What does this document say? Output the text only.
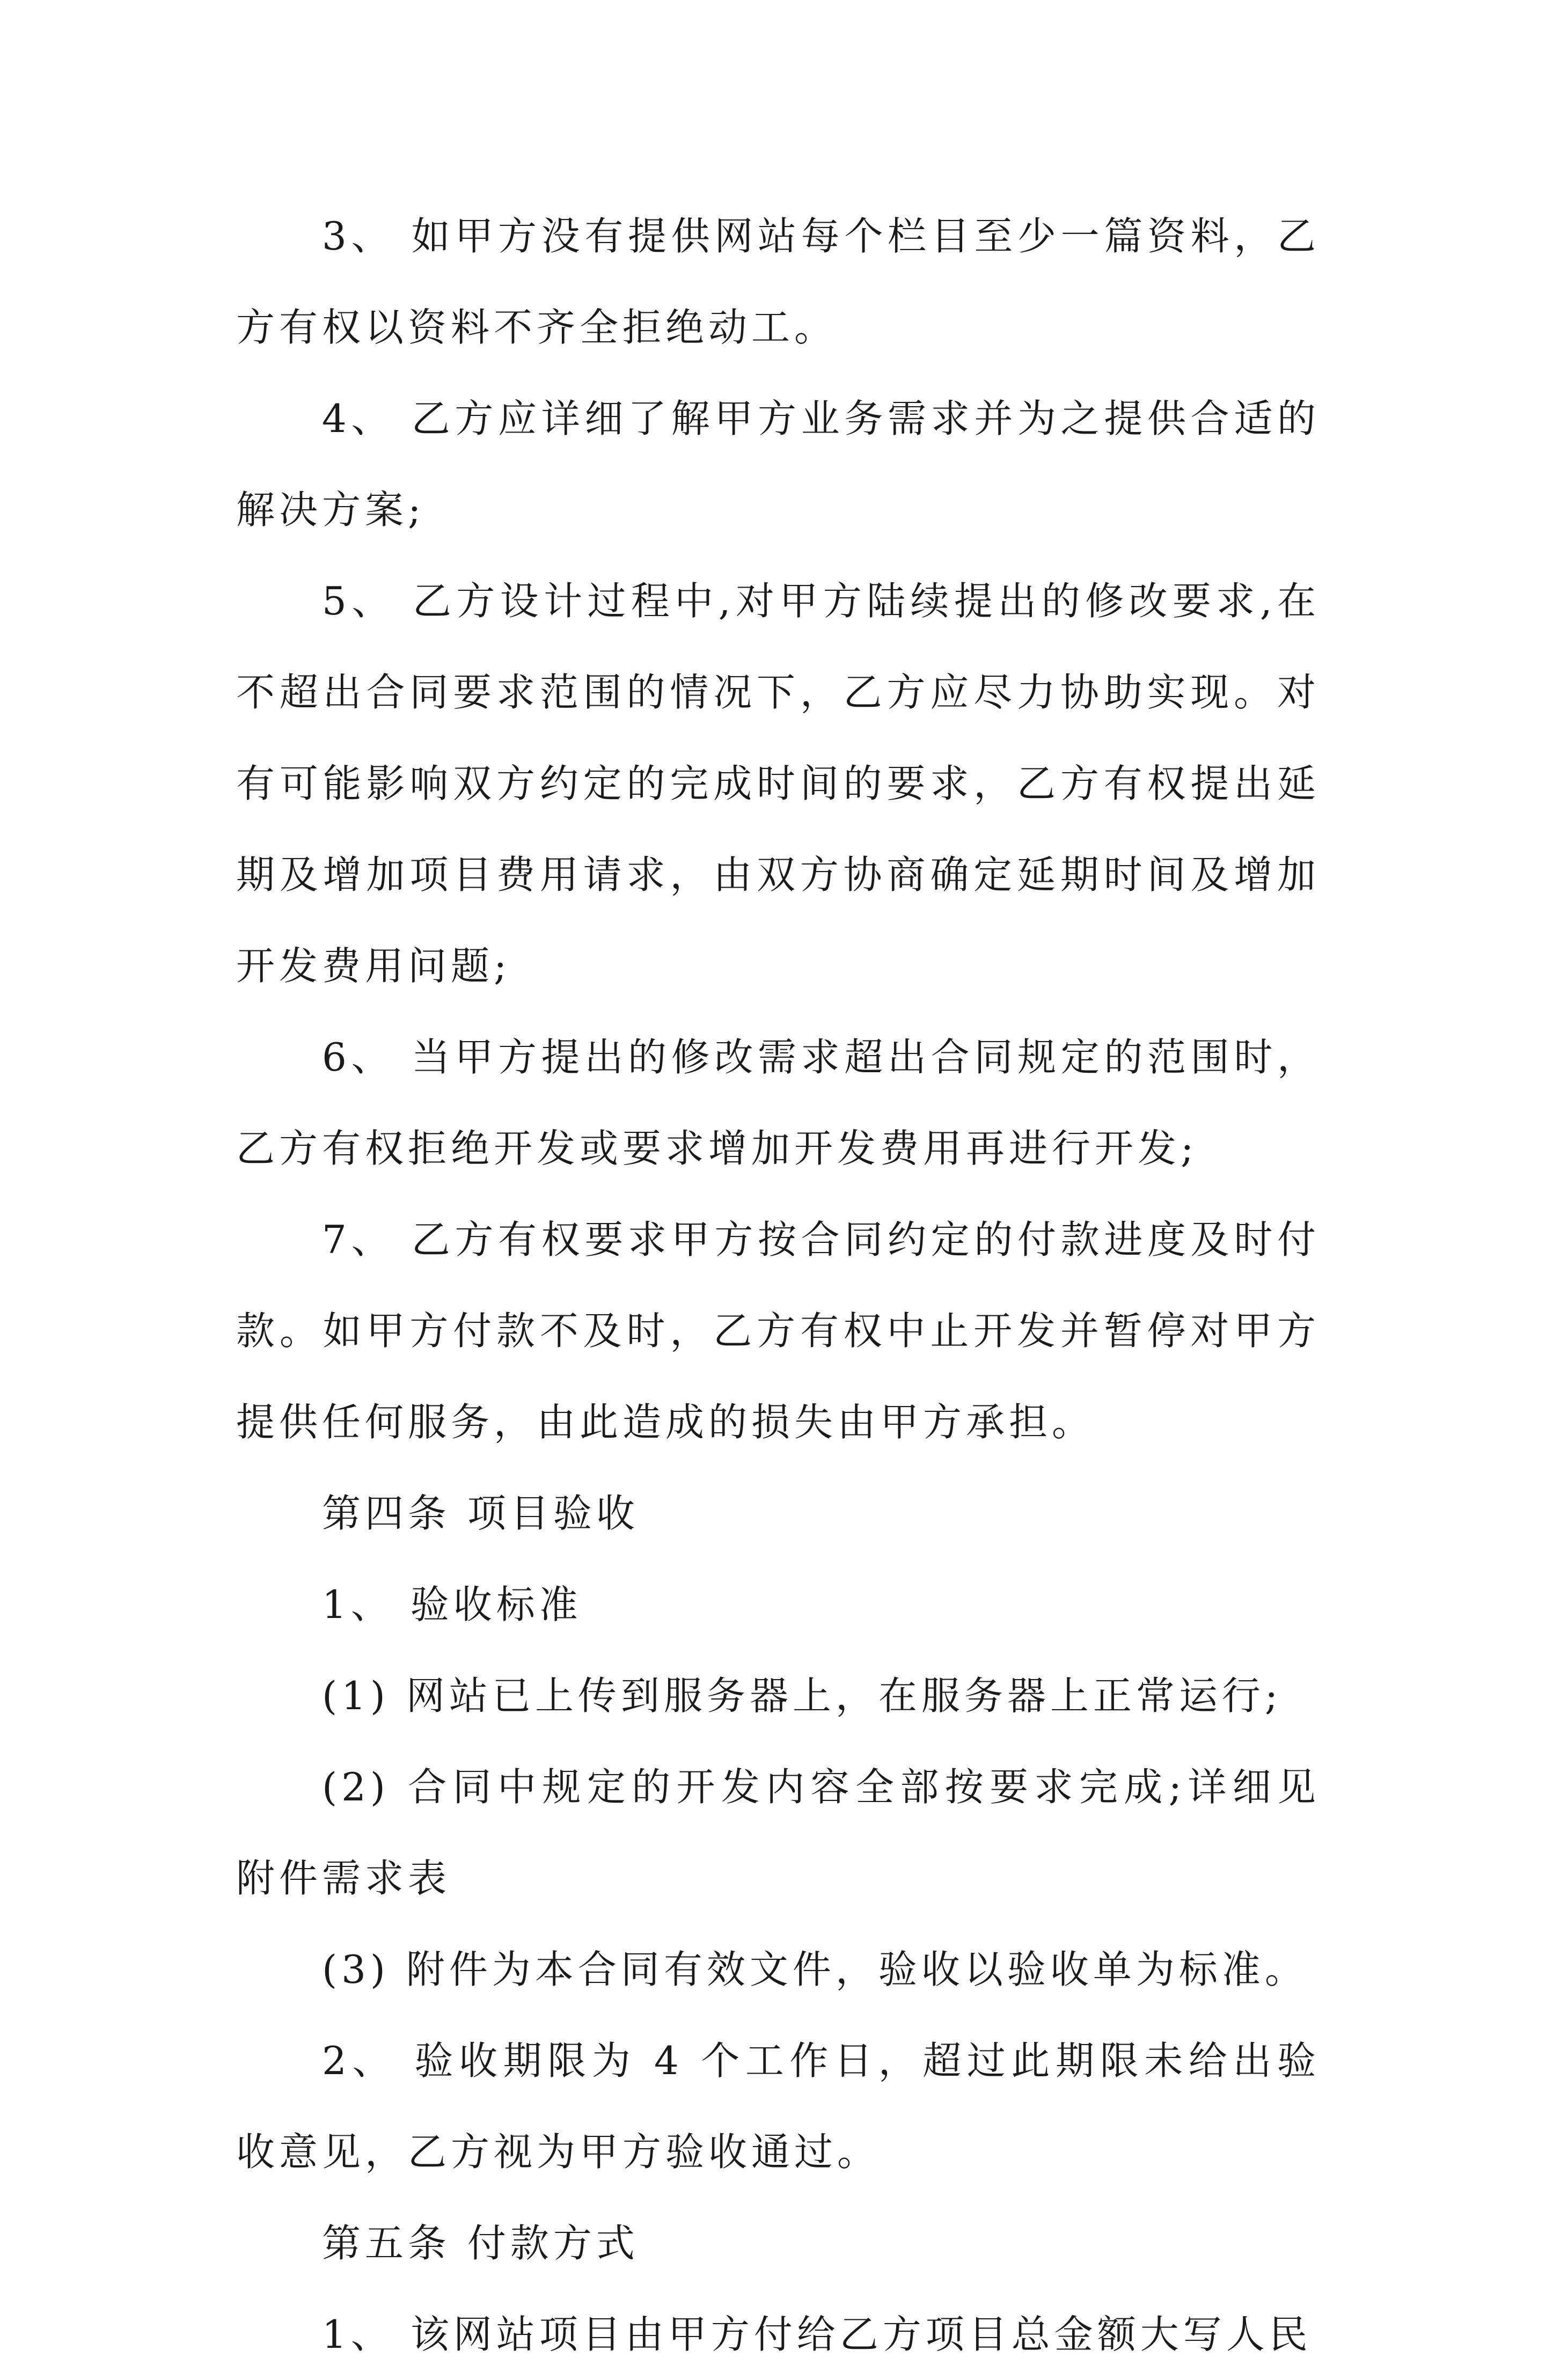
3、 如甲方没有提供网站每个栏目至少一篇资料，乙方有权以资料不齐全拒绝动工。

4、 乙方应详细了解甲方业务需求并为之提供合适的解决方案;

5、 乙方设计过程中,对甲方陆续提出的修改要求,在不超出合同要求范围的情况下，乙方应尽力协助实现。对有可能影响双方约定的完成时间的要求，乙方有权提出延期及增加项目费用请求，由双方协商确定延期时间及增加开发费用问题;

6、 当甲方提出的修改需求超出合同规定的范围时，乙方有权拒绝开发或要求增加开发费用再进行开发;

7、 乙方有权要求甲方按合同约定的付款进度及时付款。如甲方付款不及时，乙方有权中止开发并暂停对甲方提供任何服务，由此造成的损失由甲方承担。

第四条 项目验收

1、 验收标准

(1) 网站已上传到服务器上，在服务器上正常运行;

(2) 合同中规定的开发内容全部按要求完成;详细见附件需求表

(3) 附件为本合同有效文件，验收以验收单为标准。

2、 验收期限为 4 个工作日，超过此期限未给出验收意见，乙方视为甲方验收通过。

第五条 付款方式

1、 该网站项目由甲方付给乙方项目总金额大写人民
